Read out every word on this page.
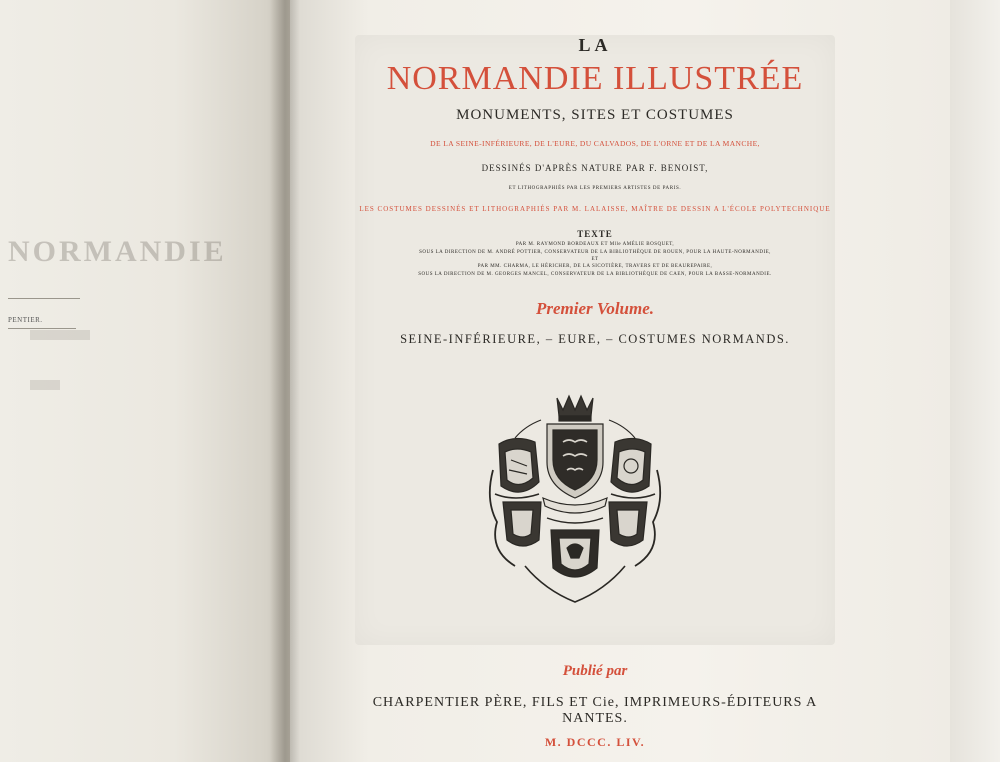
NORMANDIE
PENTIER.
LA
NORMANDIE ILLUSTRÉE
MONUMENTS, SITES ET COSTUMES
DE LA SEINE-INFÉRIEURE, DE L'EURE, DU CALVADOS, DE L'ORNE ET DE LA MANCHE,
DESSINÉS D'APRÈS NATURE PAR F. BENOIST,
ET LITHOGRAPHIÉS PAR LES PREMIERS ARTISTES DE PARIS.
LES COSTUMES DESSINÉS ET LITHOGRAPHIÉS PAR M. LALAISSE, MAÎTRE DE DESSIN A L'ÉCOLE POLYTECHNIQUE
TEXTE
PAR M. RAYMOND BORDEAUX ET Mlle AMÉLIE BOSQUET,
SOUS LA DIRECTION DE M. ANDRÉ POTTIER, CONSERVATEUR DE LA BIBLIOTHÈQUE DE ROUEN, POUR LA HAUTE-NORMANDIE,
ET
PAR MM. CHARMA, LE HÉRICHER, DE LA SICOTIÈRE, TRAVERS ET DE BEAUREPAIRE,
SOUS LA DIRECTION DE M. GEORGES MANCEL, CONSERVATEUR DE LA BIBLIOTHÈQUE DE CAEN, POUR LA BASSE-NORMANDIE.
Premier Volume.
SEINE-INFÉRIEURE, – EURE, – COSTUMES NORMANDS.
Publié par
CHARPENTIER PÈRE, FILS ET Cie, IMPRIMEURS-ÉDITEURS A NANTES.
M. DCCC. LIV.
